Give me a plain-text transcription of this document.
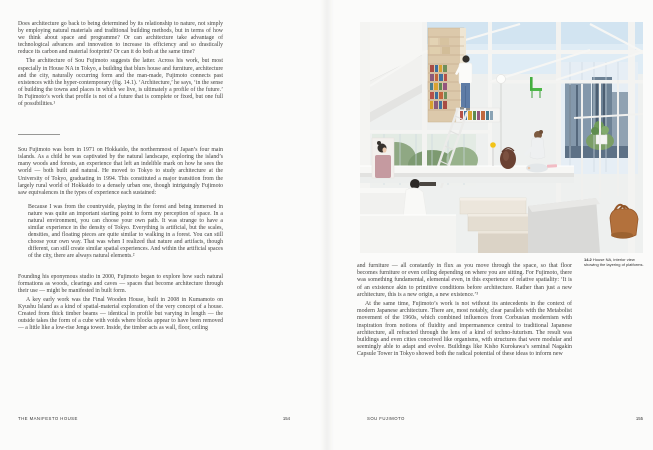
Does architecture go back to being determined by its relationship to nature, not simply by employing natural materials and traditional building methods, but in terms of how we think about space and programme? Or can architecture take advantage of technological advances and innovation to increase its efficiency and so drastically reduce its carbon and material footprint? Or can it do both at the same time?

The architecture of Sou Fujimoto suggests the latter. Across his work, but most especially in House NA in Tokyo, a building that blurs house and furniture, architecture and the city, naturally occurring form and the man-made, Fujimoto connects past existences with the hyper-contemporary (fig. 14.1). ‘Architecture,’ he says, ‘in the sense of building the towns and places in which we live, is ultimately a profile of the future.’ In Fujimoto’s work that profile is not of a future that is complete or fixed, but one full of possibilities.¹

Sou Fujimoto was born in 1971 on Hokkaido, the northernmost of Japan’s four main islands. As a child he was captivated by the natural landscape, exploring the island’s many woods and forests, an experience that left an indelible mark on how he sees the world — both built and natural. He moved to Tokyo to study architecture at the University of Tokyo, graduating in 1994. This constituted a major transition from the largely rural world of Hokkaido to a densely urban one, though intriguingly Fujimoto saw equivalences in the types of experience each sustained:

Because I was from the countryside, playing in the forest and being immersed in nature was quite an important starting point to form my perception of space. In a natural environment, you can choose your own path. It was strange to have a similar experience in the density of Tokyo. Everything is artificial, but the scales, densities, and floating pieces are quite similar to walking in a forest. You can still choose your own way. That was when I realized that nature and artifacts, though different, can still create similar spatial experiences. And within the artificial spaces of the city, there are always natural elements.²

Founding his eponymous studio in 2000, Fujimoto began to explore how such natural formations as woods, clearings and caves — spaces that become architecture through their use — might be manifested in built form.

A key early work was the Final Wooden House, built in 2008 in Kumamoto on Kyushu Island as a kind of spatial-material exploration of the very concept of a house. Created from thick timber beams — identical in profile but varying in length — the outside takes the form of a cube with voids where blocks appear to have been removed — a little like a low-rise Jenga tower. Inside, the timber acts as wall, floor, ceiling

THE MANIFESTO HOUSE	154
14.2 House NA, interior view showing the layering of platforms.

and furniture — all constantly in flux as you move through the space, so that floor becomes furniture or even ceiling depending on where you are sitting. For Fujimoto, there was something fundamental, elemental even, in this experience of relative spatiality: ‘It is of an existence akin to primitive conditions before architecture. Rather than just a new architecture, this is a new origin, a new existence.’³

At the same time, Fujimoto’s work is not without its antecedents in the context of modern Japanese architecture. There are, most notably, clear parallels with the Metabolist movement of the 1960s, which combined influences from Corbusian modernism with inspiration from notions of fluidity and impermanence central to traditional Japanese architecture, all refracted through the lens of a kind of techno-futurism. The result was buildings and even cities conceived like organisms, with structures that were modular and seemingly able to adapt and evolve. Buildings like Kisho Kurokawa’s seminal Nagakin Capsule Tower in Tokyo showed both the radical potential of these ideas to inform new

SOU FUJIMOTO	155
